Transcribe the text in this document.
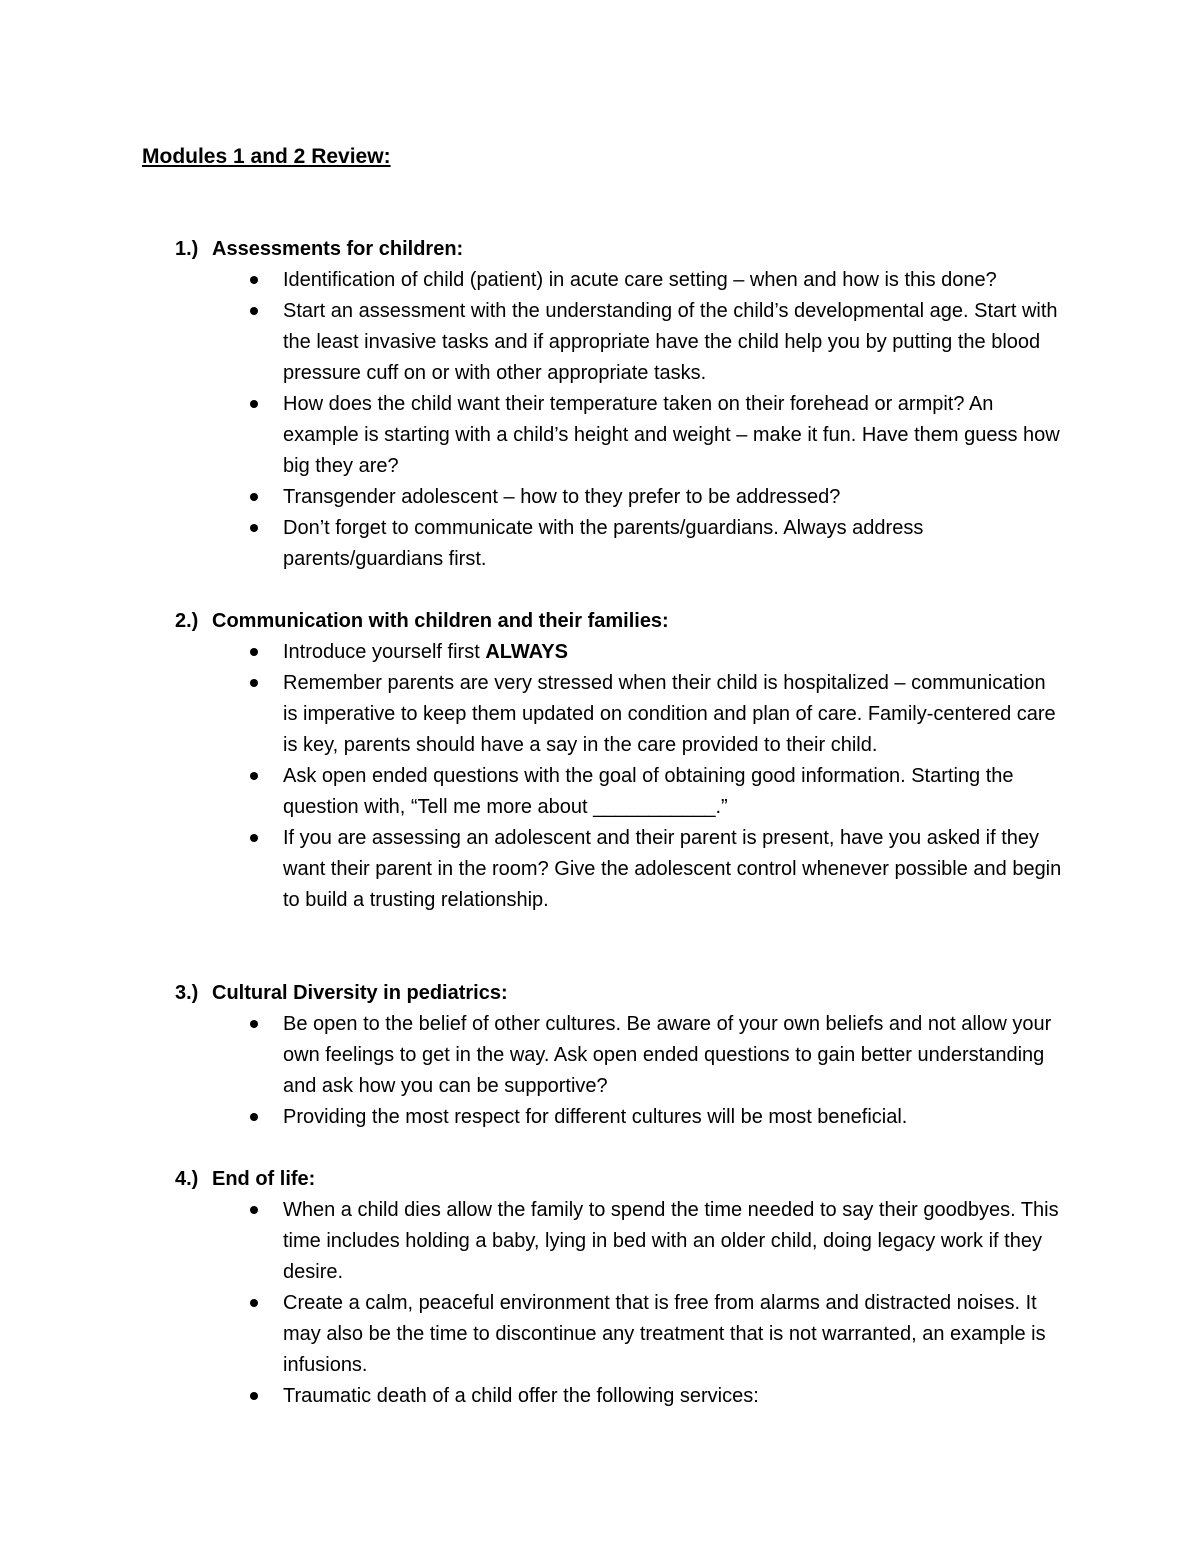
Modules 1 and 2 Review:
1.) Assessments for children:
Identification of child (patient) in acute care setting – when and how is this done?
Start an assessment with the understanding of the child’s developmental age. Start with the least invasive tasks and if appropriate have the child help you by putting the blood pressure cuff on or with other appropriate tasks.
How does the child want their temperature taken on their forehead or armpit? An example is starting with a child’s height and weight – make it fun. Have them guess how big they are?
Transgender adolescent – how to they prefer to be addressed?
Don’t forget to communicate with the parents/guardians. Always address parents/guardians first.
2.) Communication with children and their families:
Introduce yourself first ALWAYS
Remember parents are very stressed when their child is hospitalized – communication is imperative to keep them updated on condition and plan of care. Family-centered care is key, parents should have a say in the care provided to their child.
Ask open ended questions with the goal of obtaining good information. Starting the question with, “Tell me more about ___________.”
If you are assessing an adolescent and their parent is present, have you asked if they want their parent in the room? Give the adolescent control whenever possible and begin to build a trusting relationship.
3.) Cultural Diversity in pediatrics:
Be open to the belief of other cultures. Be aware of your own beliefs and not allow your own feelings to get in the way. Ask open ended questions to gain better understanding and ask how you can be supportive?
Providing the most respect for different cultures will be most beneficial.
4.) End of life:
When a child dies allow the family to spend the time needed to say their goodbyes. This time includes holding a baby, lying in bed with an older child, doing legacy work if they desire.
Create a calm, peaceful environment that is free from alarms and distracted noises. It may also be the time to discontinue any treatment that is not warranted, an example is infusions.
Traumatic death of a child offer the following services:
